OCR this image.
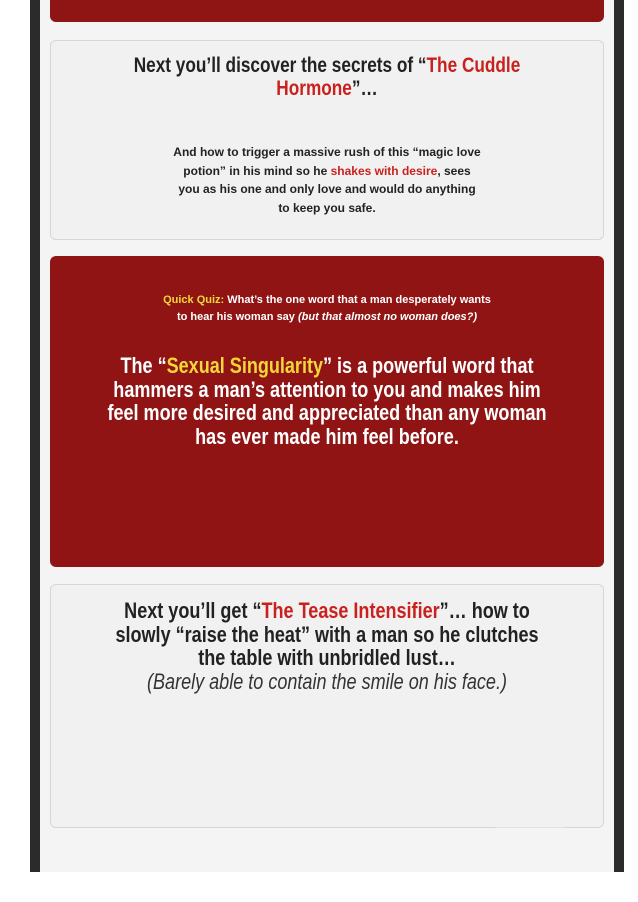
Next you’ll discover the secrets of “The Cuddle Hormone”…

And how to trigger a massive rush of this “magic love potion” in his mind so he shakes with desire, sees you as his one and only love and would do anything to keep you safe.

Quick Quiz: What’s the one word that a man desperately wants to hear his woman say (but that almost no woman does?)

The “Sexual Singularity” is a powerful word that hammers a man’s attention to you and makes him feel more desired and appreciated than any woman has ever made him feel before.

Next you’ll get “The Tease Intensifier”… how to slowly “raise the heat” with a man so he clutches the table with unbridled lust…
(Barely able to contain the smile on his face.)
